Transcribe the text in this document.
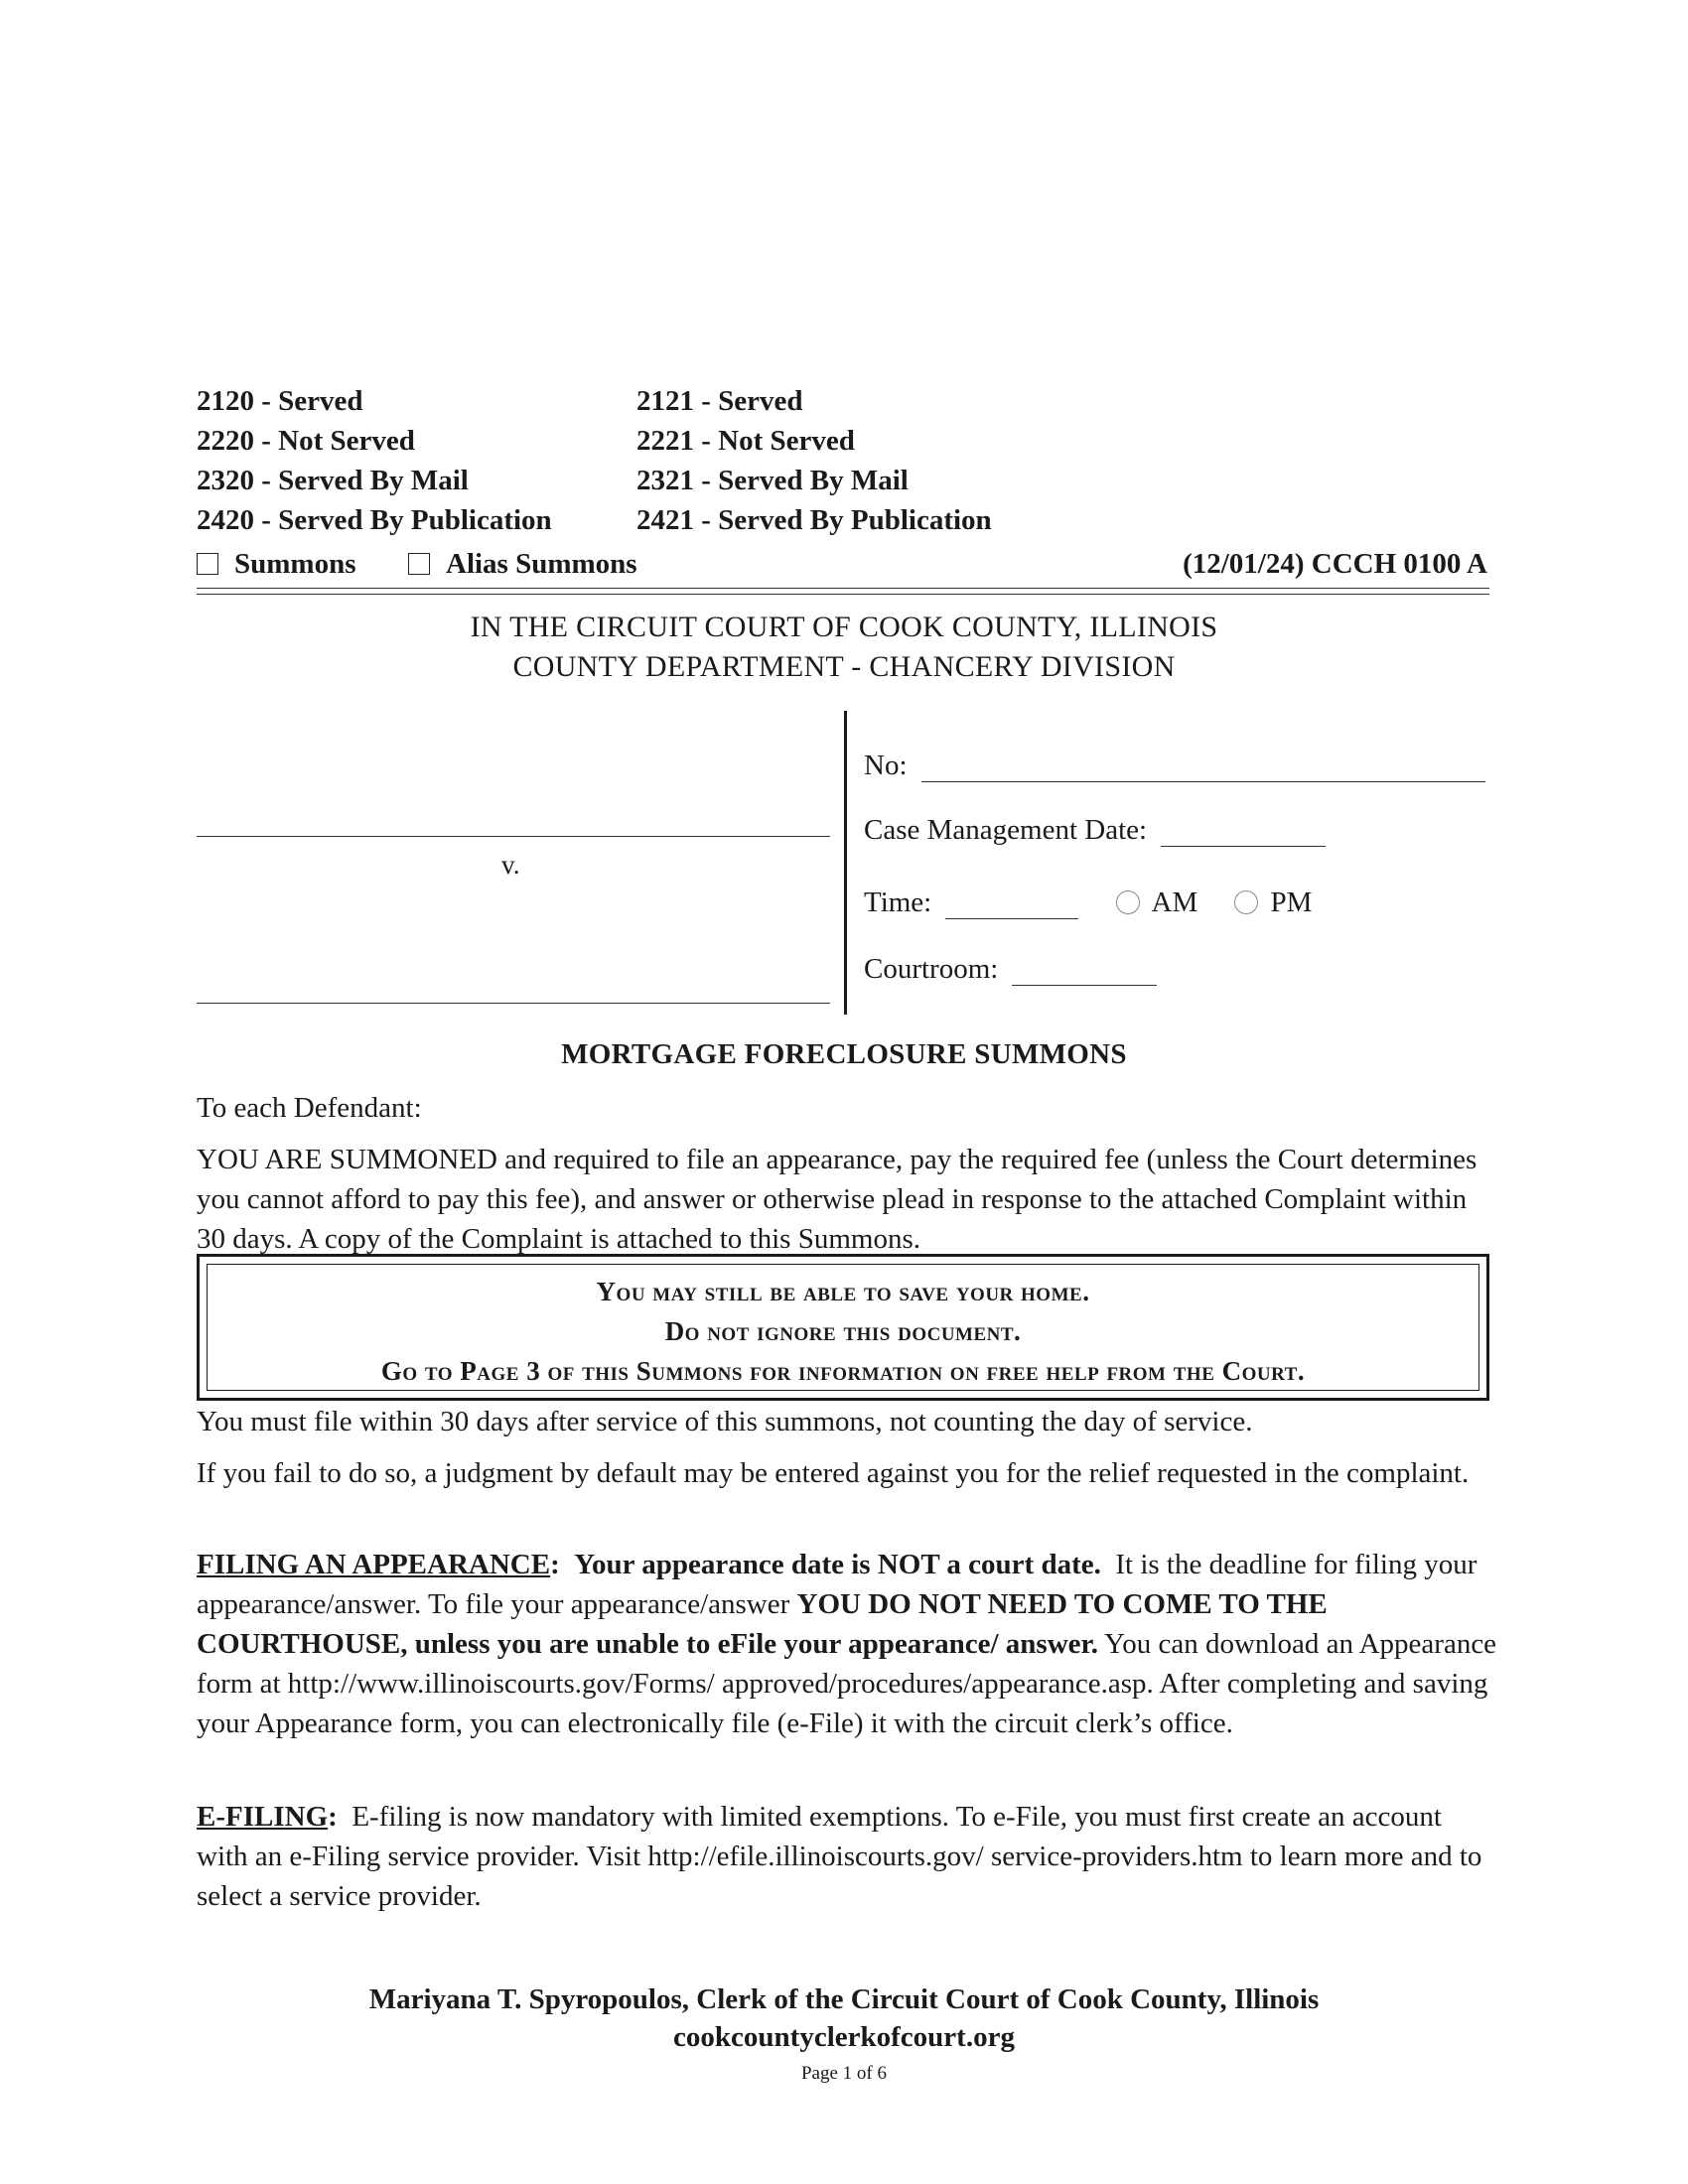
2120 - Served	2121 - Served
2220 - Not Served	2221 - Not Served
2320 - Served By Mail	2321 - Served By Mail
2420 - Served By Publication	2421 - Served By Publication
Summons	Alias Summons	(12/01/24) CCCH 0100 A
IN THE CIRCUIT COURT OF COOK COUNTY, ILLINOIS
COUNTY DEPARTMENT - CHANCERY DIVISION
v.
No:
Case Management Date:
Time:	AM	PM
Courtroom:
MORTGAGE FORECLOSURE SUMMONS
To each Defendant:
YOU ARE SUMMONED and required to file an appearance, pay the required fee (unless the Court determines you cannot afford to pay this fee), and answer or otherwise plead in response to the attached Complaint within 30 days. A copy of the Complaint is attached to this Summons.
You may still be able to save your home.
Do not ignore this document.
Go to Page 3 of this Summons for information on free help from the Court.
You must file within 30 days after service of this summons, not counting the day of service.
If you fail to do so, a judgment by default may be entered against you for the relief requested in the complaint.
FILING AN APPEARANCE: Your appearance date is NOT a court date. It is the deadline for filing your appearance/answer. To file your appearance/answer YOU DO NOT NEED TO COME TO THE COURTHOUSE, unless you are unable to eFile your appearance/ answer. You can download an Appearance form at http://www.illinoiscourts.gov/Forms/ approved/procedures/appearance.asp. After completing and saving your Appearance form, you can electronically file (e-File) it with the circuit clerk’s office.
E-FILING: E-filing is now mandatory with limited exemptions. To e-File, you must first create an account with an e-Filing service provider. Visit http://efile.illinoiscourts.gov/ service-providers.htm to learn more and to select a service provider.
Mariyana T. Spyropoulos, Clerk of the Circuit Court of Cook County, Illinois
cookcountyclerkofcourt.org
Page 1 of 6
